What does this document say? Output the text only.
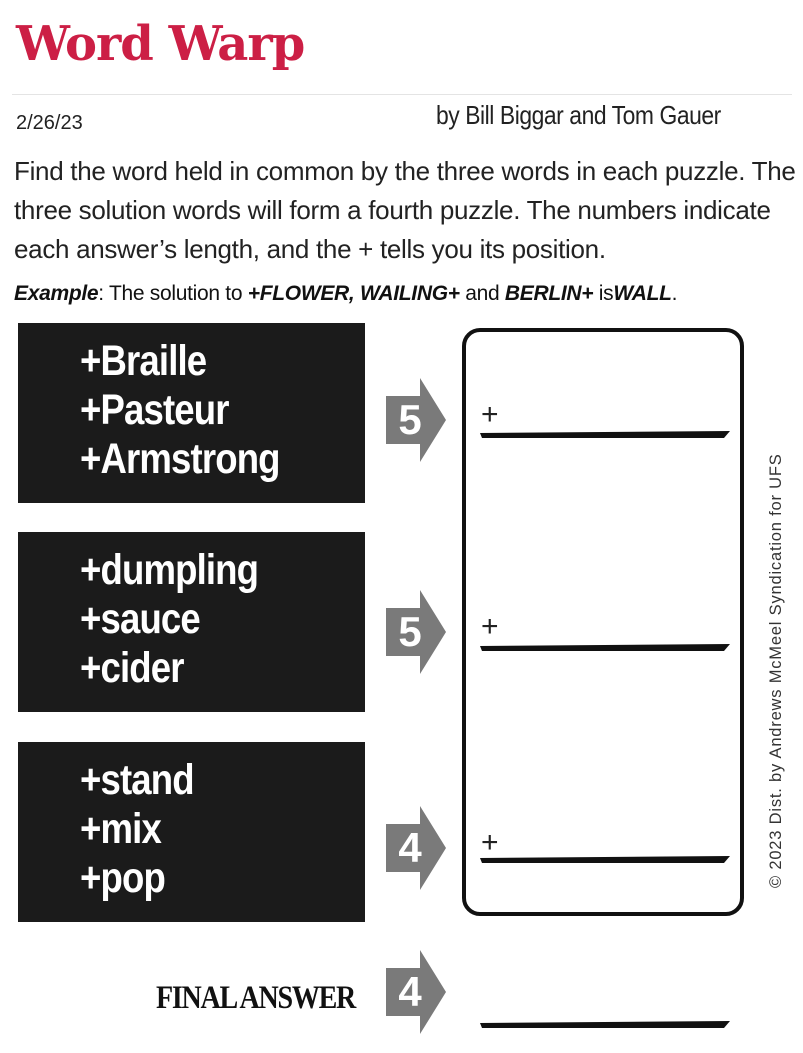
Word Warp
2/26/23	by Bill Biggar and Tom Gauer
Find the word held in common by the three words in each puzzle. The three solution words will form a fourth puzzle. The numbers indicate each answer’s length, and the + tells you its position.
Example: The solution to +FLOWER, WAILING+ and BERLIN+ isWALL.
+Braille
+Pasteur
+Armstrong
5
+dumpling
+sauce
+cider
5
+stand
+mix
+pop
4
+
+
+	© 2023 Dist. by Andrews McMeel Syndication for UFS
FINAL ANSWER 4
